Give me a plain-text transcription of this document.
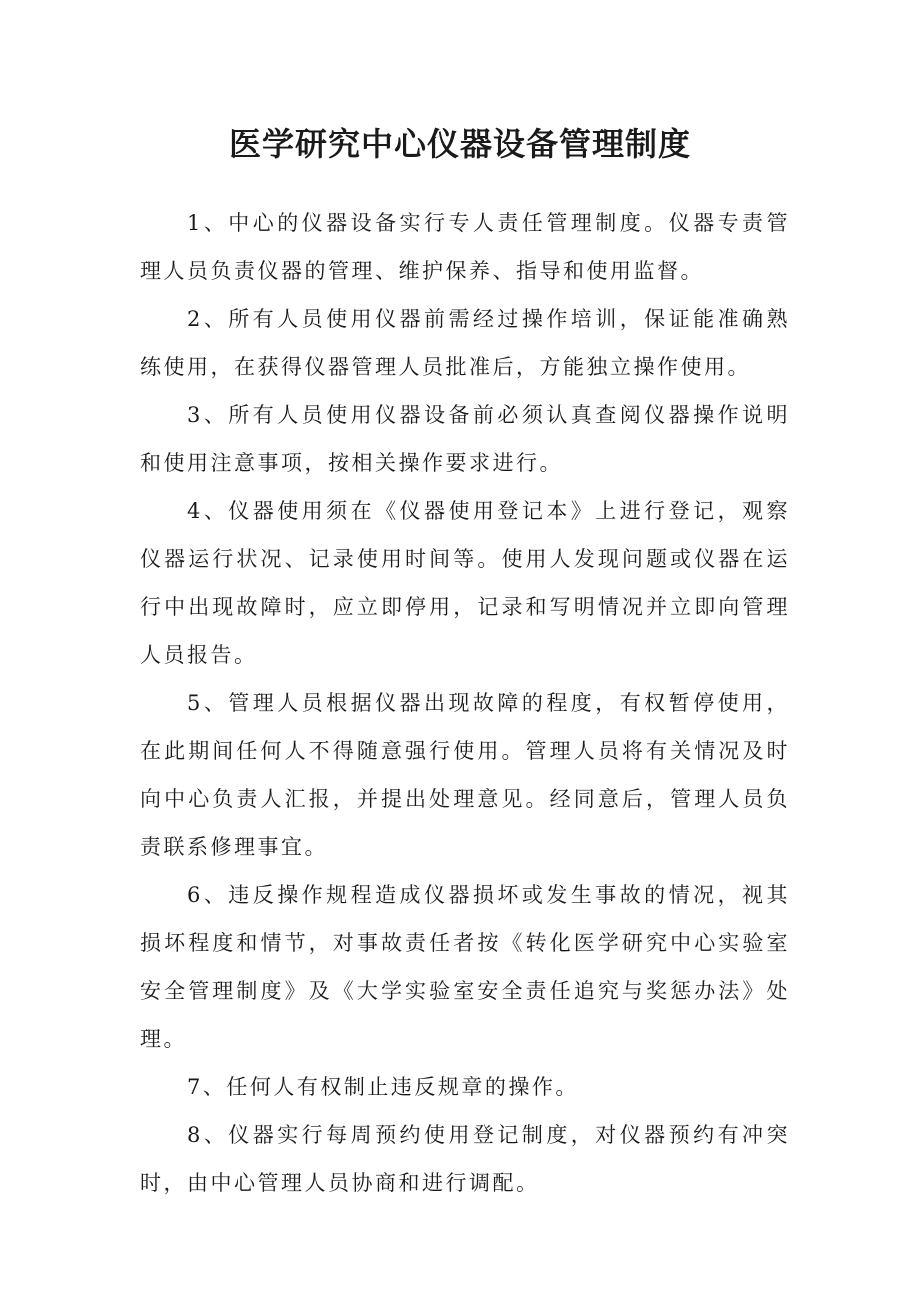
医学研究中心仪器设备管理制度

1、中心的仪器设备实行专人责任管理制度。仪器专责管理人员负责仪器的管理、维护保养、指导和使用监督。

2、所有人员使用仪器前需经过操作培训，保证能准确熟练使用，在获得仪器管理人员批准后，方能独立操作使用。

3、所有人员使用仪器设备前必须认真查阅仪器操作说明和使用注意事项，按相关操作要求进行。

4、仪器使用须在《仪器使用登记本》上进行登记，观察仪器运行状况、记录使用时间等。使用人发现问题或仪器在运行中出现故障时，应立即停用，记录和写明情况并立即向管理人员报告。

5、管理人员根据仪器出现故障的程度，有权暂停使用，在此期间任何人不得随意强行使用。管理人员将有关情况及时向中心负责人汇报，并提出处理意见。经同意后，管理人员负责联系修理事宜。

6、违反操作规程造成仪器损坏或发生事故的情况，视其损坏程度和情节，对事故责任者按《转化医学研究中心实验室安全管理制度》及《大学实验室安全责任追究与奖惩办法》处理。

7、任何人有权制止违反规章的操作。

8、仪器实行每周预约使用登记制度，对仪器预约有冲突时，由中心管理人员协商和进行调配。
